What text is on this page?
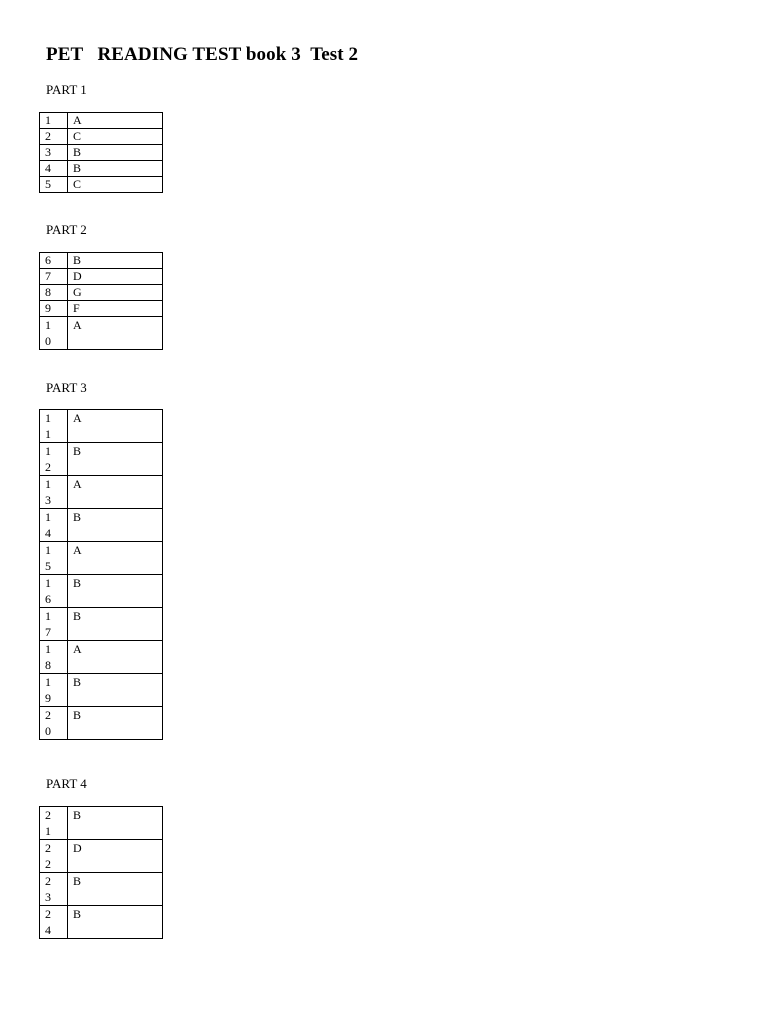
PET   READING TEST book 3  Test 2
PART 1
1	A

2	C

3	B

4	B

5	C
PART 2
6	B

7	D

8	G

9	F

1
0	A
PART 3
1
1	A

1
2	B

1
3	A

1
4	B

1
5	A

1
6	B

1
7	B

1
8	A

1
9	B

2
0	B
PART 4
2
1	B

2
2	D

2
3	B

2
4	B
